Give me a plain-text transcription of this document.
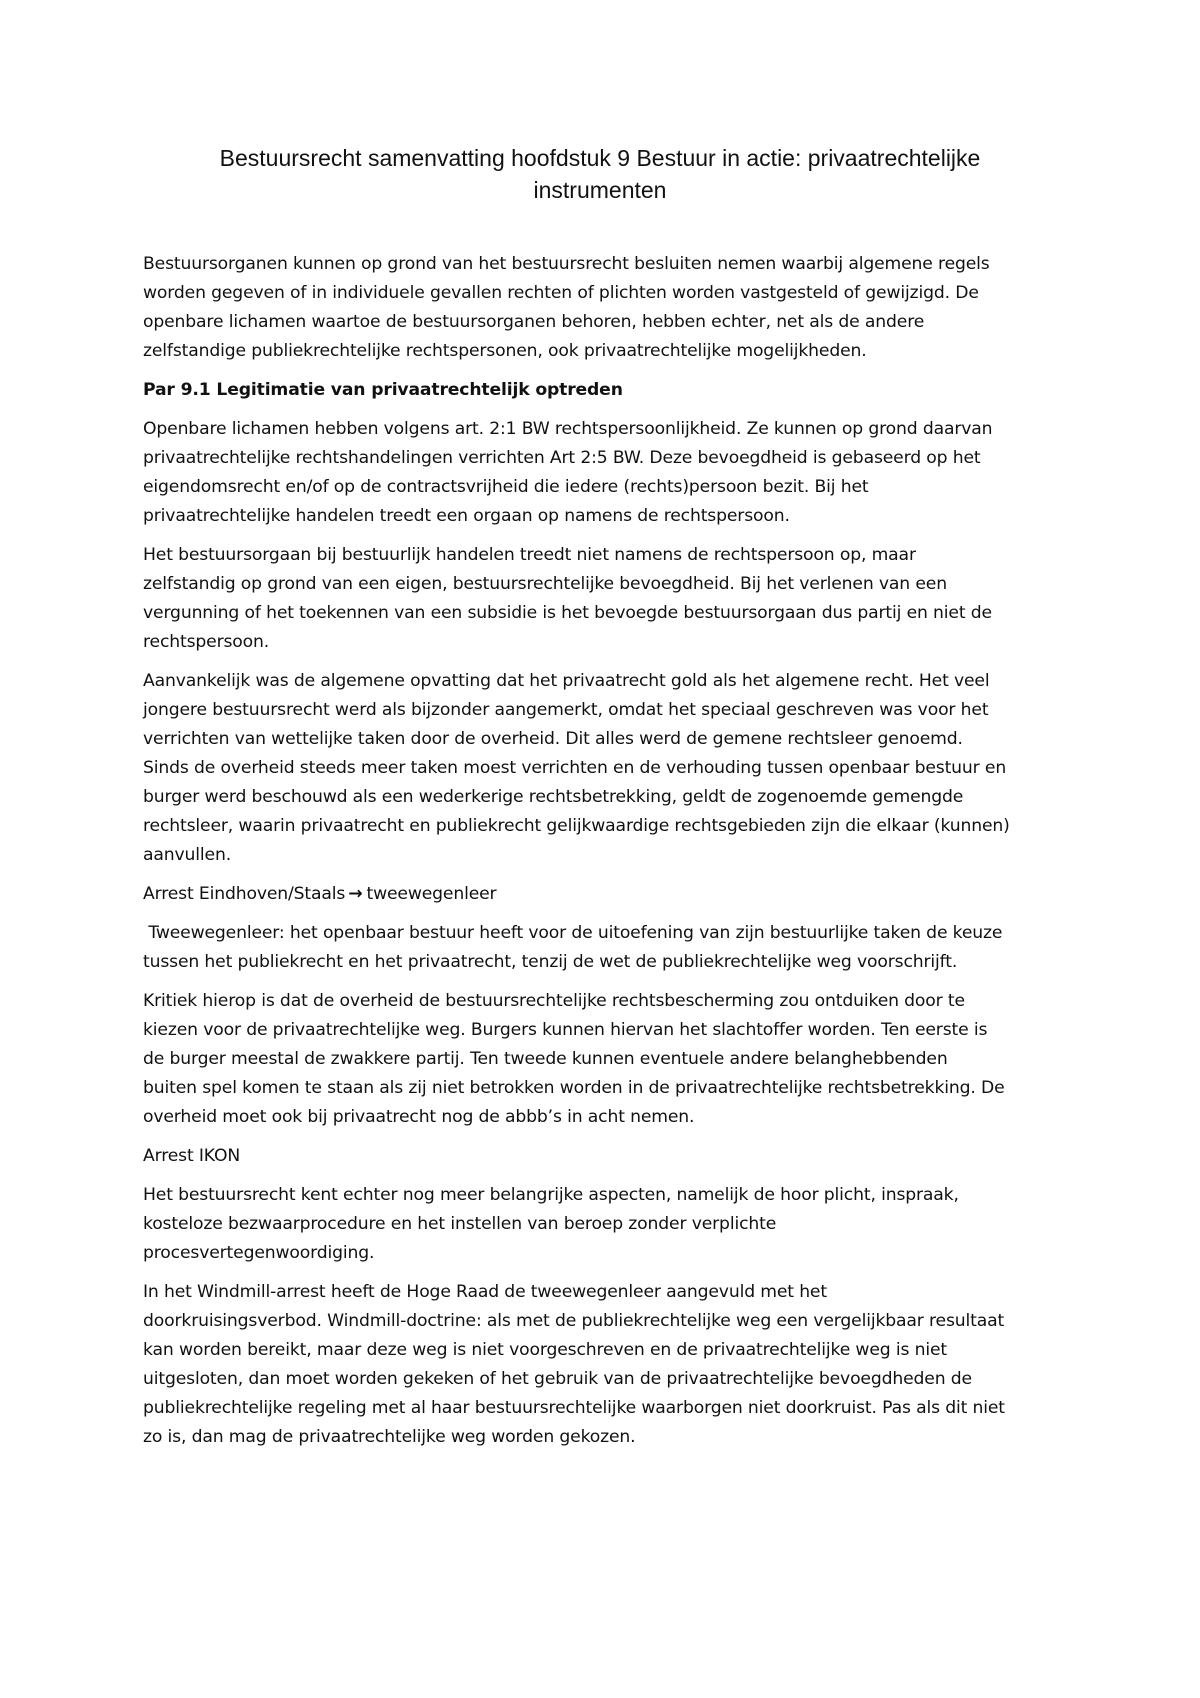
Bestuursrecht samenvatting hoofdstuk 9 Bestuur in actie: privaatrechtelijke
instrumenten

Bestuursorganen kunnen op grond van het bestuursrecht besluiten nemen waarbij algemene regels
worden gegeven of in individuele gevallen rechten of plichten worden vastgesteld of gewijzigd. De
openbare lichamen waartoe de bestuursorganen behoren, hebben echter, net als de andere
zelfstandige publiekrechtelijke rechtspersonen, ook privaatrechtelijke mogelijkheden.

Par 9.1 Legitimatie van privaatrechtelijk optreden

Openbare lichamen hebben volgens art. 2:1 BW rechtspersoonlijkheid. Ze kunnen op grond daarvan
privaatrechtelijke rechtshandelingen verrichten Art 2:5 BW. Deze bevoegdheid is gebaseerd op het
eigendomsrecht en/of op de contractsvrijheid die iedere (rechts)persoon bezit. Bij het
privaatrechtelijke handelen treedt een orgaan op namens de rechtspersoon.

Het bestuursorgaan bij bestuurlijk handelen treedt niet namens de rechtspersoon op, maar
zelfstandig op grond van een eigen, bestuursrechtelijke bevoegdheid. Bij het verlenen van een
vergunning of het toekennen van een subsidie is het bevoegde bestuursorgaan dus partij en niet de
rechtspersoon.

Aanvankelijk was de algemene opvatting dat het privaatrecht gold als het algemene recht. Het veel
jongere bestuursrecht werd als bijzonder aangemerkt, omdat het speciaal geschreven was voor het
verrichten van wettelijke taken door de overheid. Dit alles werd de gemene rechtsleer genoemd.
Sinds de overheid steeds meer taken moest verrichten en de verhouding tussen openbaar bestuur en
burger werd beschouwd als een wederkerige rechtsbetrekking, geldt de zogenoemde gemengde
rechtsleer, waarin privaatrecht en publiekrecht gelijkwaardige rechtsgebieden zijn die elkaar (kunnen)
aanvullen.

Arrest Eindhoven/Staals → tweewegenleer

Tweewegenleer: het openbaar bestuur heeft voor de uitoefening van zijn bestuurlijke taken de keuze
tussen het publiekrecht en het privaatrecht, tenzij de wet de publiekrechtelijke weg voorschrijft.

Kritiek hierop is dat de overheid de bestuursrechtelijke rechtsbescherming zou ontduiken door te
kiezen voor de privaatrechtelijke weg. Burgers kunnen hiervan het slachtoffer worden. Ten eerste is
de burger meestal de zwakkere partij. Ten tweede kunnen eventuele andere belanghebbenden
buiten spel komen te staan als zij niet betrokken worden in de privaatrechtelijke rechtsbetrekking. De
overheid moet ook bij privaatrecht nog de abbb’s in acht nemen.

Arrest IKON

Het bestuursrecht kent echter nog meer belangrijke aspecten, namelijk de hoor plicht, inspraak,
kosteloze bezwaarprocedure en het instellen van beroep zonder verplichte
procesvertegenwoordiging.

In het Windmill-arrest heeft de Hoge Raad de tweewegenleer aangevuld met het
doorkruisingsverbod. Windmill-doctrine: als met de publiekrechtelijke weg een vergelijkbaar resultaat
kan worden bereikt, maar deze weg is niet voorgeschreven en de privaatrechtelijke weg is niet
uitgesloten, dan moet worden gekeken of het gebruik van de privaatrechtelijke bevoegdheden de
publiekrechtelijke regeling met al haar bestuursrechtelijke waarborgen niet doorkruist. Pas als dit niet
zo is, dan mag de privaatrechtelijke weg worden gekozen.
